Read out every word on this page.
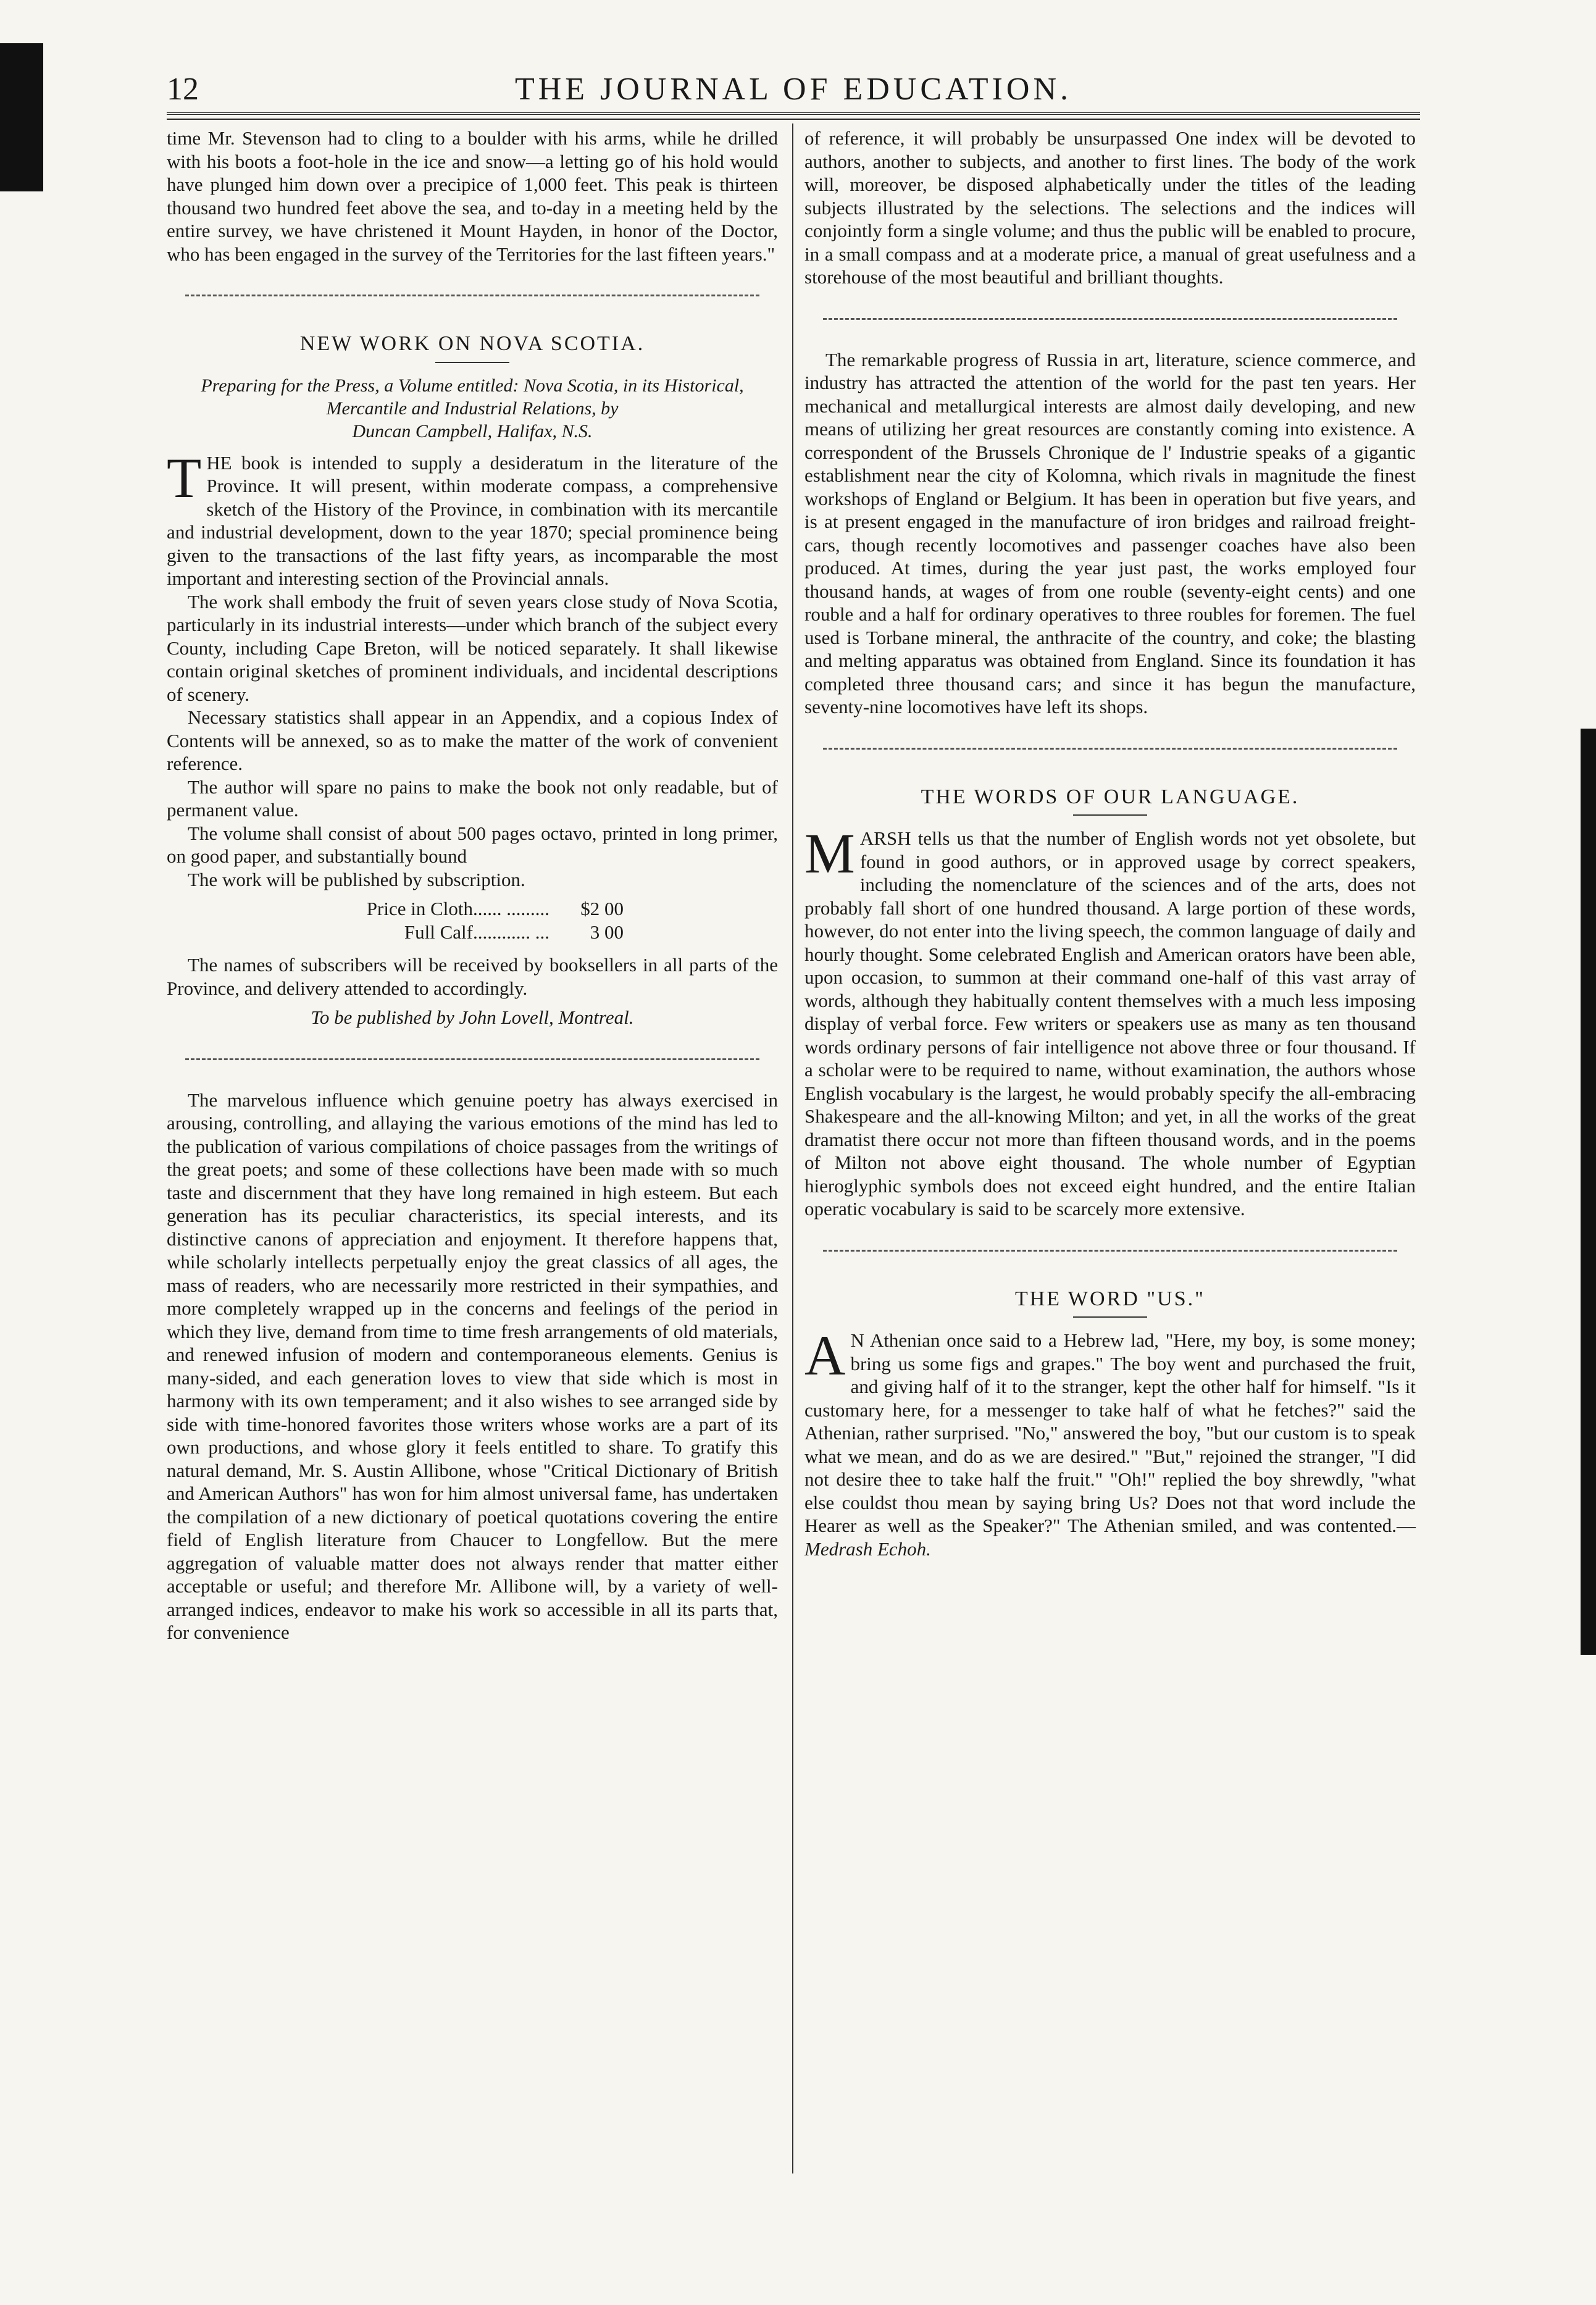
12	THE JOURNAL OF EDUCATION.

time Mr. Stevenson had to cling to a boulder with his arms, while he drilled with his boots a foot-hole in the ice and snow—a letting go of his hold would have plunged him down over a precipice of 1,000 feet. This peak is thirteen thousand two hundred feet above the sea, and to-day in a meeting held by the entire survey, we have christened it Mount Hayden, in honor of the Doctor, who has been engaged in the survey of the Territories for the last fifteen years."

NEW WORK ON NOVA SCOTIA.
Preparing for the Press, a Volume entitled: Nova Scotia, in its Historical, Mercantile and Industrial Relations, by
Duncan Campbell, Halifax, N.S.

THE book is intended to supply a desideratum in the literature of the Province. It will present, within moderate compass, a comprehensive sketch of the History of the Province, in combination with its mercantile and industrial development, down to the year 1870; special prominence being given to the transactions of the last fifty years, as incomparable the most important and interesting section of the Provincial annals.

The work shall embody the fruit of seven years close study of Nova Scotia, particularly in its industrial interests—under which branch of the subject every County, including Cape Breton, will be noticed separately. It shall likewise contain original sketches of prominent individuals, and incidental descriptions of scenery.

Necessary statistics shall appear in an Appendix, and a copious Index of Contents will be annexed, so as to make the matter of the work of convenient reference.

The author will spare no pains to make the book not only readable, but of permanent value.

The volume shall consist of about 500 pages octavo, printed in long primer, on good paper, and substantially bound

The work will be published by subscription.

Price in Cloth...... .........	$2 00
Full Calf............ ...	3 00

The names of subscribers will be received by booksellers in all parts of the Province, and delivery attended to accordingly.

To be published by John Lovell, Montreal.

The marvelous influence which genuine poetry has always exercised in arousing, controlling, and allaying the various emotions of the mind has led to the publication of various compilations of choice passages from the writings of the great poets; and some of these collections have been made with so much taste and discernment that they have long remained in high esteem. But each generation has its peculiar characteristics, its special interests, and its distinctive canons of appreciation and enjoyment. It therefore happens that, while scholarly intellects perpetually enjoy the great classics of all ages, the mass of readers, who are necessarily more restricted in their sympathies, and more completely wrapped up in the concerns and feelings of the period in which they live, demand from time to time fresh arrangements of old materials, and renewed infusion of modern and contemporaneous elements. Genius is many-sided, and each generation loves to view that side which is most in harmony with its own temperament; and it also wishes to see arranged side by side with time-honored favorites those writers whose works are a part of its own productions, and whose glory it feels entitled to share. To gratify this natural demand, Mr. S. Austin Allibone, whose "Critical Dictionary of British and American Authors" has won for him almost universal fame, has undertaken the compilation of a new dictionary of poetical quotations covering the entire field of English literature from Chaucer to Longfellow. But the mere aggregation of valuable matter does not always render that matter either acceptable or useful; and therefore Mr. Allibone will, by a variety of well-arranged indices, endeavor to make his work so accessible in all its parts that, for convenience

of reference, it will probably be unsurpassed One index will be devoted to authors, another to subjects, and another to first lines. The body of the work will, moreover, be disposed alphabetically under the titles of the leading subjects illustrated by the selections. The selections and the indices will conjointly form a single volume; and thus the public will be enabled to procure, in a small compass and at a moderate price, a manual of great usefulness and a storehouse of the most beautiful and brilliant thoughts.

The remarkable progress of Russia in art, literature, science commerce, and industry has attracted the attention of the world for the past ten years. Her mechanical and metallurgical interests are almost daily developing, and new means of utilizing her great resources are constantly coming into existence. A correspondent of the Brussels Chronique de l' Industrie speaks of a gigantic establishment near the city of Kolomna, which rivals in magnitude the finest workshops of England or Belgium. It has been in operation but five years, and is at present engaged in the manufacture of iron bridges and railroad freight-cars, though recently locomotives and passenger coaches have also been produced. At times, during the year just past, the works employed four thousand hands, at wages of from one rouble (seventy-eight cents) and one rouble and a half for ordinary operatives to three roubles for foremen. The fuel used is Torbane mineral, the anthracite of the country, and coke; the blasting and melting apparatus was obtained from England. Since its foundation it has completed three thousand cars; and since it has begun the manufacture, seventy-nine locomotives have left its shops.

THE WORDS OF OUR LANGUAGE.

MARSH tells us that the number of English words not yet obsolete, but found in good authors, or in approved usage by correct speakers, including the nomenclature of the sciences and of the arts, does not probably fall short of one hundred thousand. A large portion of these words, however, do not enter into the living speech, the common language of daily and hourly thought. Some celebrated English and American orators have been able, upon occasion, to summon at their command one-half of this vast array of words, although they habitually content themselves with a much less imposing display of verbal force. Few writers or speakers use as many as ten thousand words ordinary persons of fair intelligence not above three or four thousand. If a scholar were to be required to name, without examination, the authors whose English vocabulary is the largest, he would probably specify the all-embracing Shakespeare and the all-knowing Milton; and yet, in all the works of the great dramatist there occur not more than fifteen thousand words, and in the poems of Milton not above eight thousand. The whole number of Egyptian hieroglyphic symbols does not exceed eight hundred, and the entire Italian operatic vocabulary is said to be scarcely more extensive.

THE WORD "US."

A N Athenian once said to a Hebrew lad, "Here, my boy, is some money; bring us some figs and grapes." The boy went and purchased the fruit, and giving half of it to the stranger, kept the other half for himself. "Is it customary here, for a messenger to take half of what he fetches?" said the Athenian, rather surprised. "No," answered the boy, "but our custom is to speak what we mean, and do as we are desired." "But," rejoined the stranger, "I did not desire thee to take half the fruit." "Oh!" replied the boy shrewdly, "what else couldst thou mean by saying bring Us? Does not that word include the Hearer as well as the Speaker?" The Athenian smiled, and was contented.— Medrash Echoh.
